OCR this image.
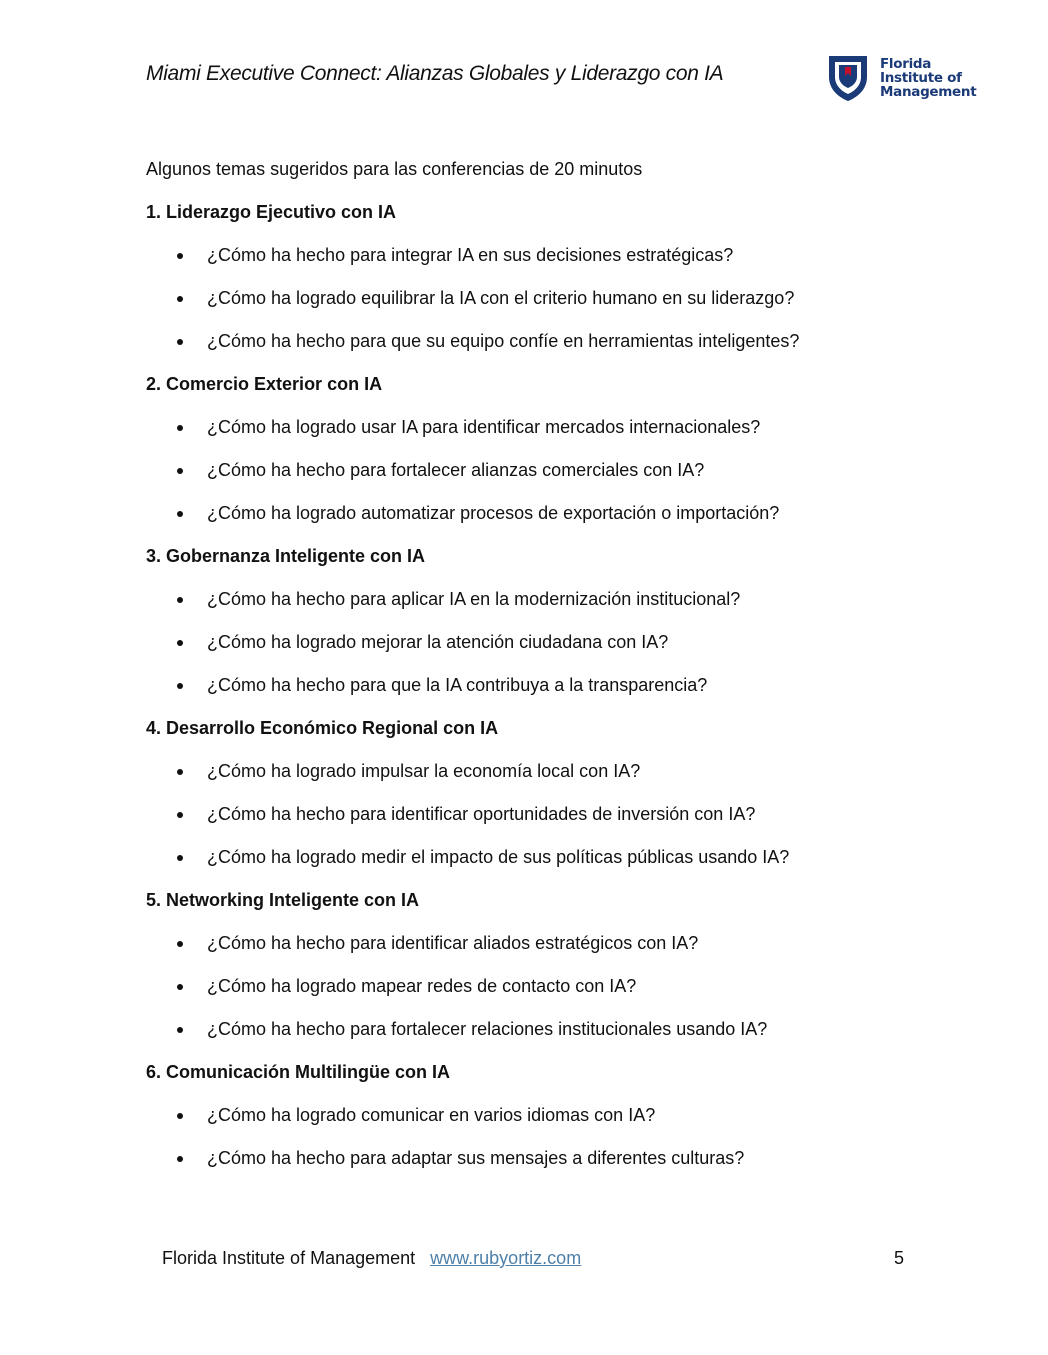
Miami Executive Connect: Alianzas Globales y Liderazgo con IA	Florida
Institute of
Management
Algunos temas sugeridos para las conferencias de 20 minutos
1. Liderazgo Ejecutivo con IA
¿Cómo ha hecho para integrar IA en sus decisiones estratégicas?
¿Cómo ha logrado equilibrar la IA con el criterio humano en su liderazgo?
¿Cómo ha hecho para que su equipo confíe en herramientas inteligentes?
2. Comercio Exterior con IA
¿Cómo ha logrado usar IA para identificar mercados internacionales?
¿Cómo ha hecho para fortalecer alianzas comerciales con IA?
¿Cómo ha logrado automatizar procesos de exportación o importación?
3. Gobernanza Inteligente con IA
¿Cómo ha hecho para aplicar IA en la modernización institucional?
¿Cómo ha logrado mejorar la atención ciudadana con IA?
¿Cómo ha hecho para que la IA contribuya a la transparencia?
4. Desarrollo Económico Regional con IA
¿Cómo ha logrado impulsar la economía local con IA?
¿Cómo ha hecho para identificar oportunidades de inversión con IA?
¿Cómo ha logrado medir el impacto de sus políticas públicas usando IA?
5. Networking Inteligente con IA
¿Cómo ha hecho para identificar aliados estratégicos con IA?
¿Cómo ha logrado mapear redes de contacto con IA?
¿Cómo ha hecho para fortalecer relaciones institucionales usando IA?
6. Comunicación Multilingüe con IA
¿Cómo ha logrado comunicar en varios idiomas con IA?
¿Cómo ha hecho para adaptar sus mensajes a diferentes culturas?
Florida Institute of Management www.rubyortiz.com	5
